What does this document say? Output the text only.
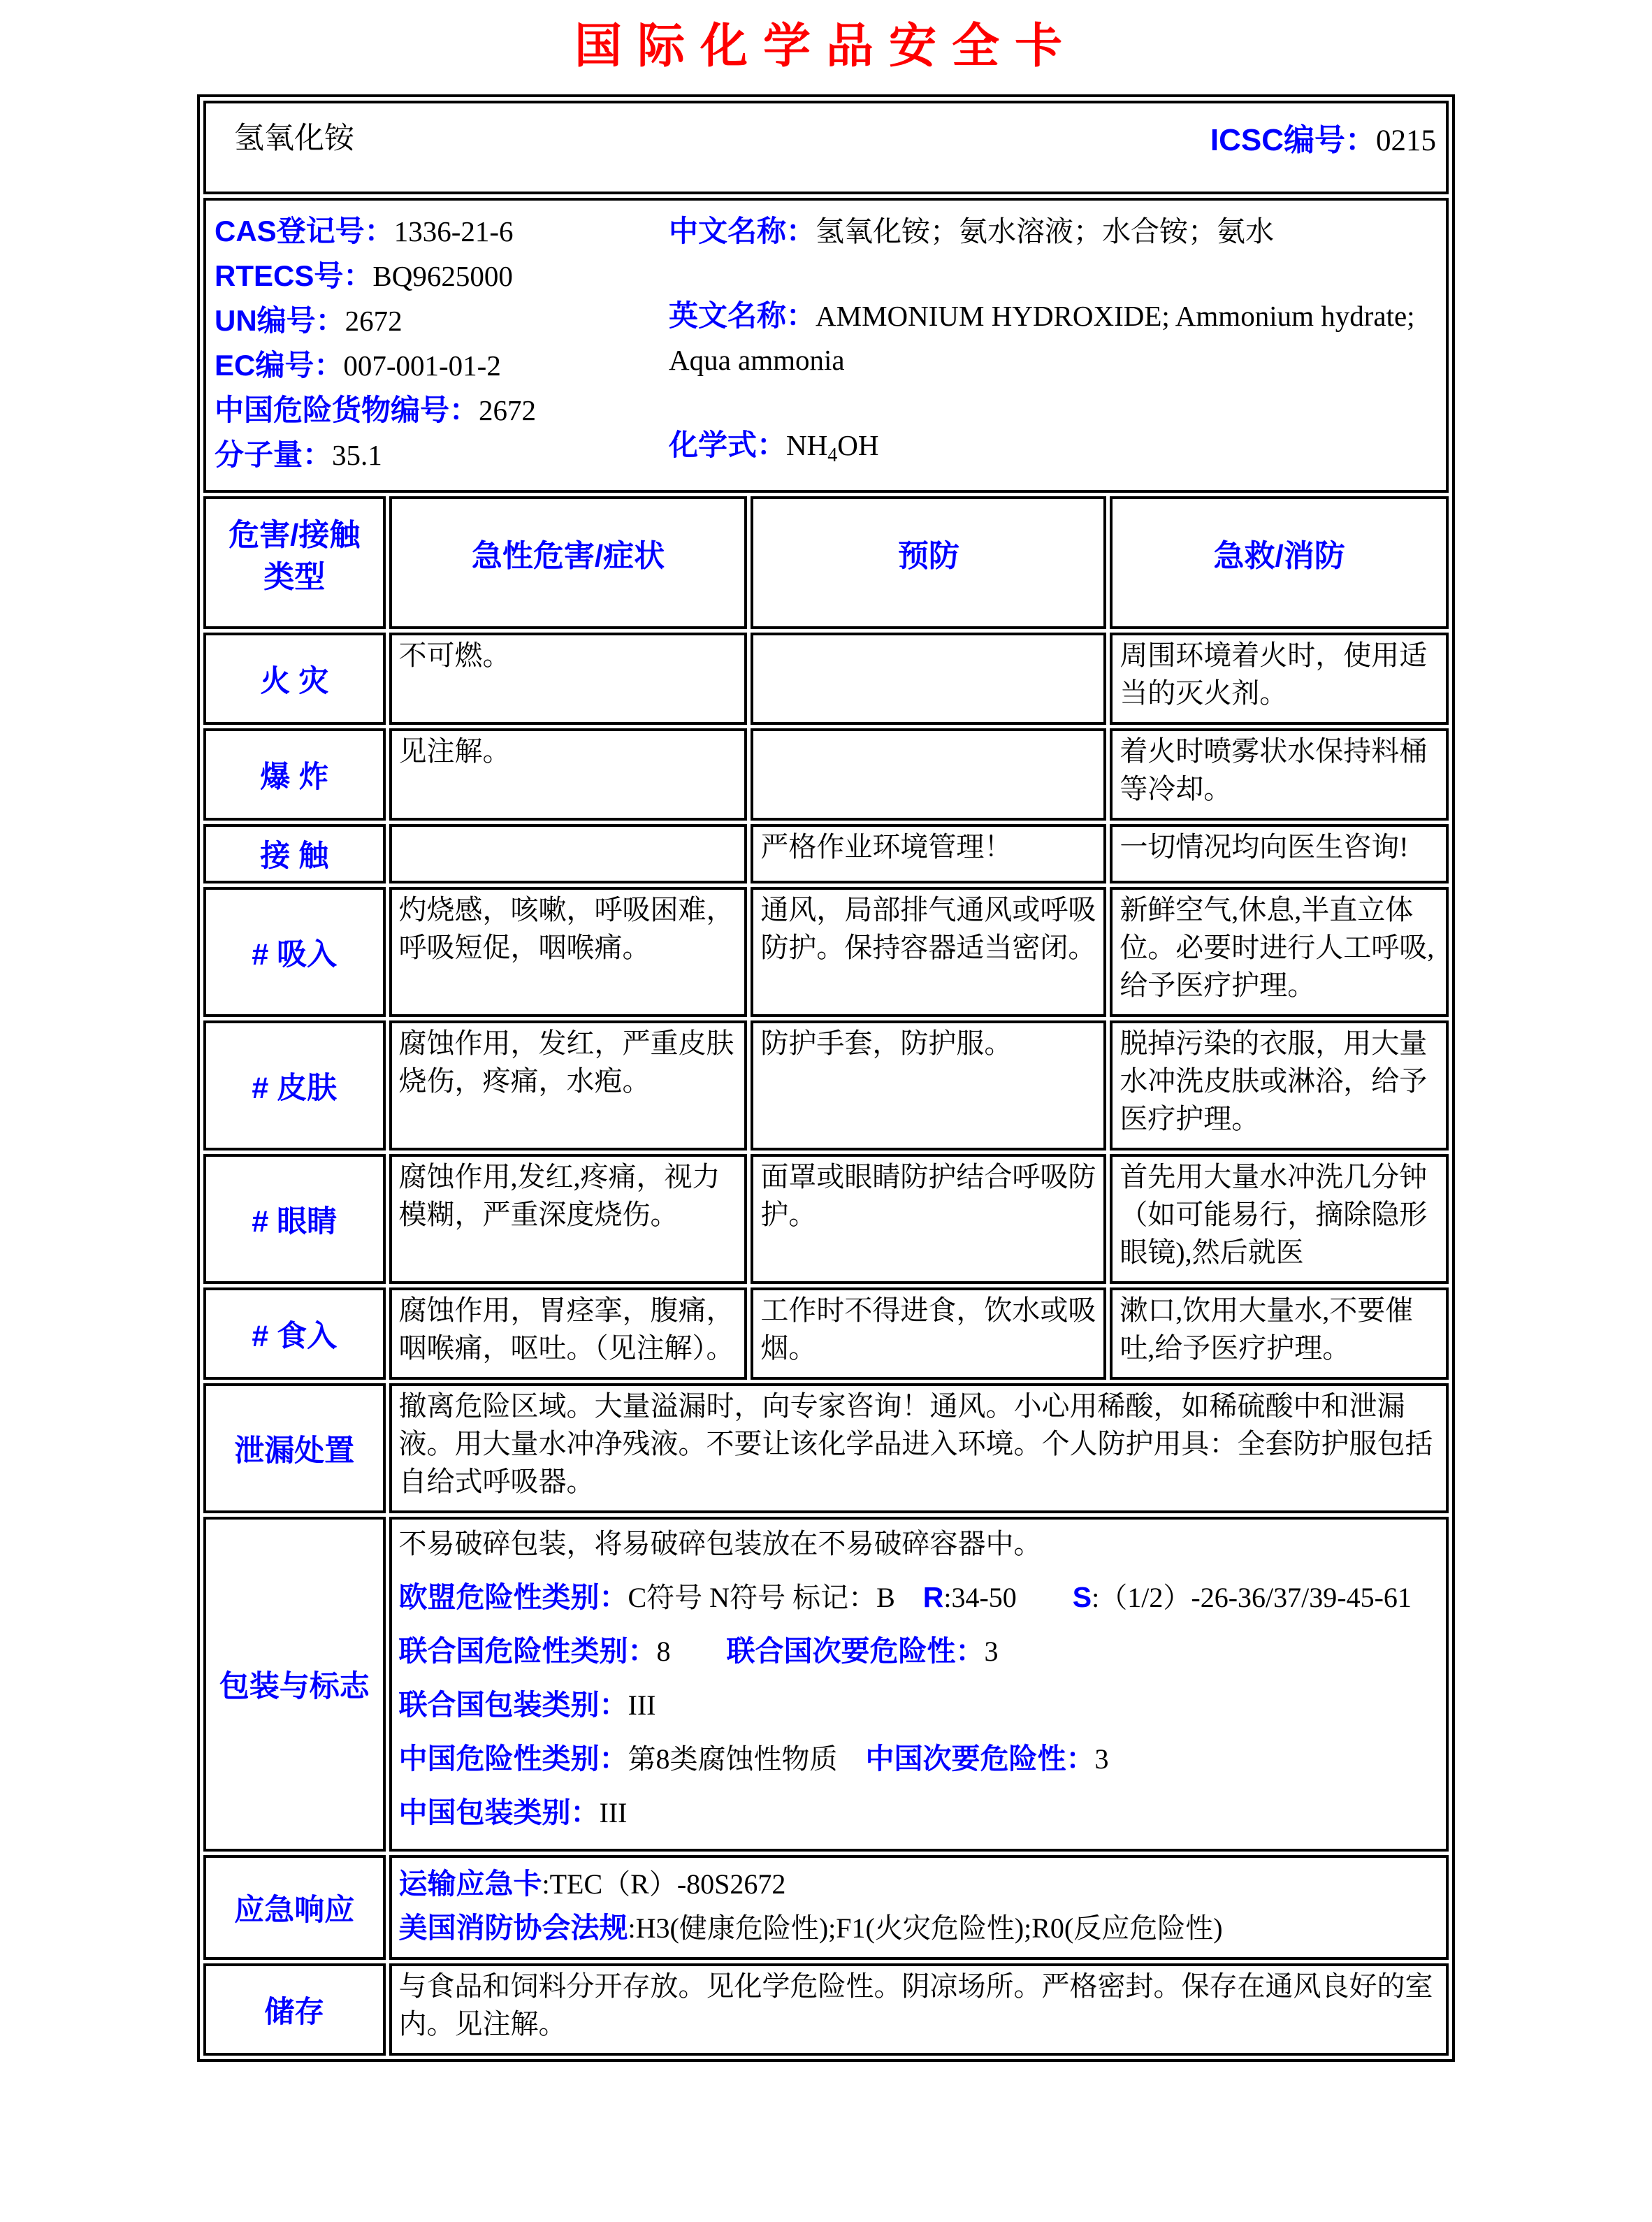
国际化学品安全卡
氢氧化铵 ICSC编号：0215			

CAS登记号：1336-21-6
RTECS号：BQ9625000
UN编号：2672
EC编号：007-001-01-2
中国危险货物编号：2672
分子量：35.1
中文名称：氢氧化铵；氨水溶液；水合铵；氨水
英文名称：AMMONIUM HYDROXIDE; Ammonium hydrate; Aqua ammonia
化学式：$NH_4OH$

危害/接触类型	急性危害/症状	预防	急救/消防
火 灾	不可燃。		周围环境着火时，使用适当的灭火剂。
爆 炸	见注解。		着火时喷雾状水保持料桶等冷却。
接 触		严格作业环境管理！	一切情况均向医生咨询!
# 吸入	灼烧感，咳嗽，呼吸困难，呼吸短促，咽喉痛。	通风，局部排气通风或呼吸防护。保持容器适当密闭。	新鲜空气,休息,半直立体位。必要时进行人工呼吸,给予医疗护理。
# 皮肤	腐蚀作用，发红，严重皮肤烧伤，疼痛，水疱。	防护手套，防护服。	脱掉污染的衣服，用大量水冲洗皮肤或淋浴，给予医疗护理。
# 眼睛	腐蚀作用,发红,疼痛，视力模糊，严重深度烧伤。	面罩或眼睛防护结合呼吸防护。	首先用大量水冲洗几分钟（如可能易行，摘除隐形眼镜),然后就医
# 食入	腐蚀作用，胃痉挛，腹痛，咽喉痛，呕吐。（见注解）。	工作时不得进食，饮水或吸烟。	漱口,饮用大量水,不要催吐,给予医疗护理。
泄漏处置	撤离危险区域。大量溢漏时，向专家咨询！通风。小心用稀酸，如稀硫酸中和泄漏液。用大量水冲净残液。不要让该化学品进入环境。个人防护用具：全套防护服包括自给式呼吸器。		
包装与标志	

不易破碎包装，将易破碎包装放在不易破碎容器中。

欧盟危险性类别：C符号 N符号 标记：B　R:34-50　　S:（1/2）-26-36/37/39-45-61

联合国危险性类别：8　　联合国次要危险性：3

联合国包装类别：III

中国危险性类别：第8类腐蚀性物质　中国次要危险性：3

中国包装类别：III

应急响应	运输应急卡:TEC（R）-80S2672

美国消防协会法规:H3(健康危险性);F1(火灾危险性);R0(反应危险性)		

储存	与食品和饲料分开存放。见化学危险性。阴凉场所。严格密封。保存在通风良好的室内。见注解。		
